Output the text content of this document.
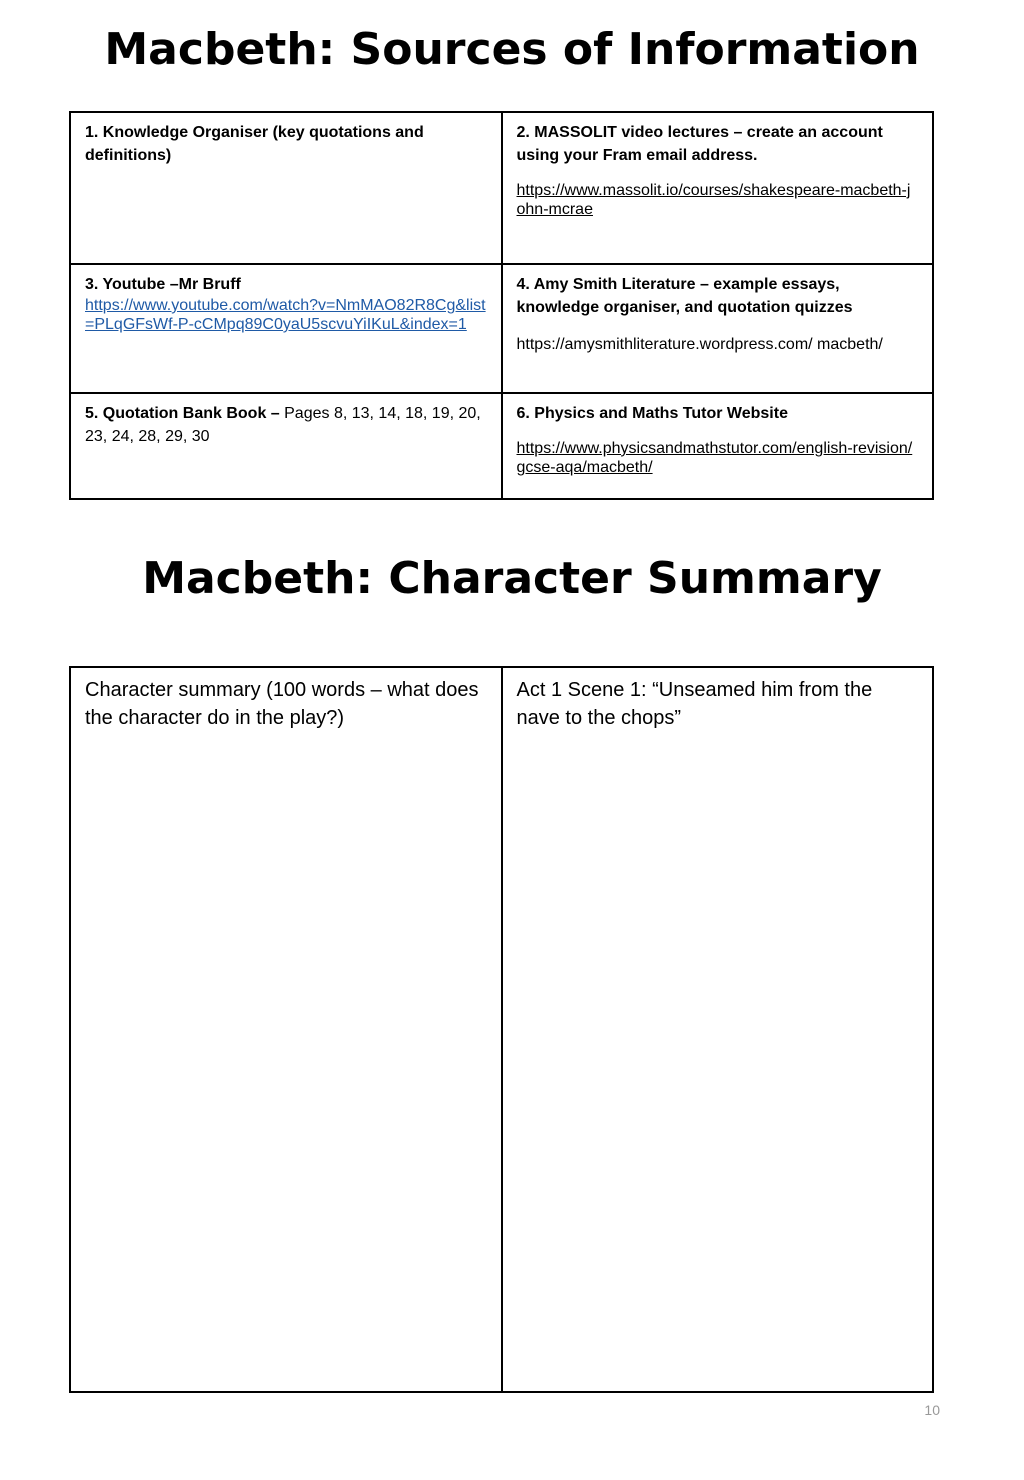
Macbeth: Sources of Information
1. Knowledge Organiser (key quotations and definitions)	2. MASSOLIT video lectures – create an account using your Fram email address.
https://www.massolit.io/courses/shakespeare-macbeth-john-mcrae

3. Youtube –Mr Bruff
https://www.youtube.com/watch?v=NmMAO82R8Cg&list=PLqGFsWf-P-cCMpq89C0yaU5scvuYiIKuL&index=1	4. Amy Smith Literature – example essays, knowledge organiser, and quotation quizzes
https://amysmithliterature.wordpress.com/ macbeth/

5. Quotation Bank Book – Pages 8, 13, 14, 18, 19, 20, 23, 24, 28, 29, 30	6. Physics and Maths Tutor Website
https://www.physicsandmathstutor.com/english-revision/gcse-aqa/macbeth/
Macbeth: Character Summary
Character summary (100 words – what does the character do in the play?)	Act 1 Scene 1: “Unseamed him from the nave to the chops”
10
